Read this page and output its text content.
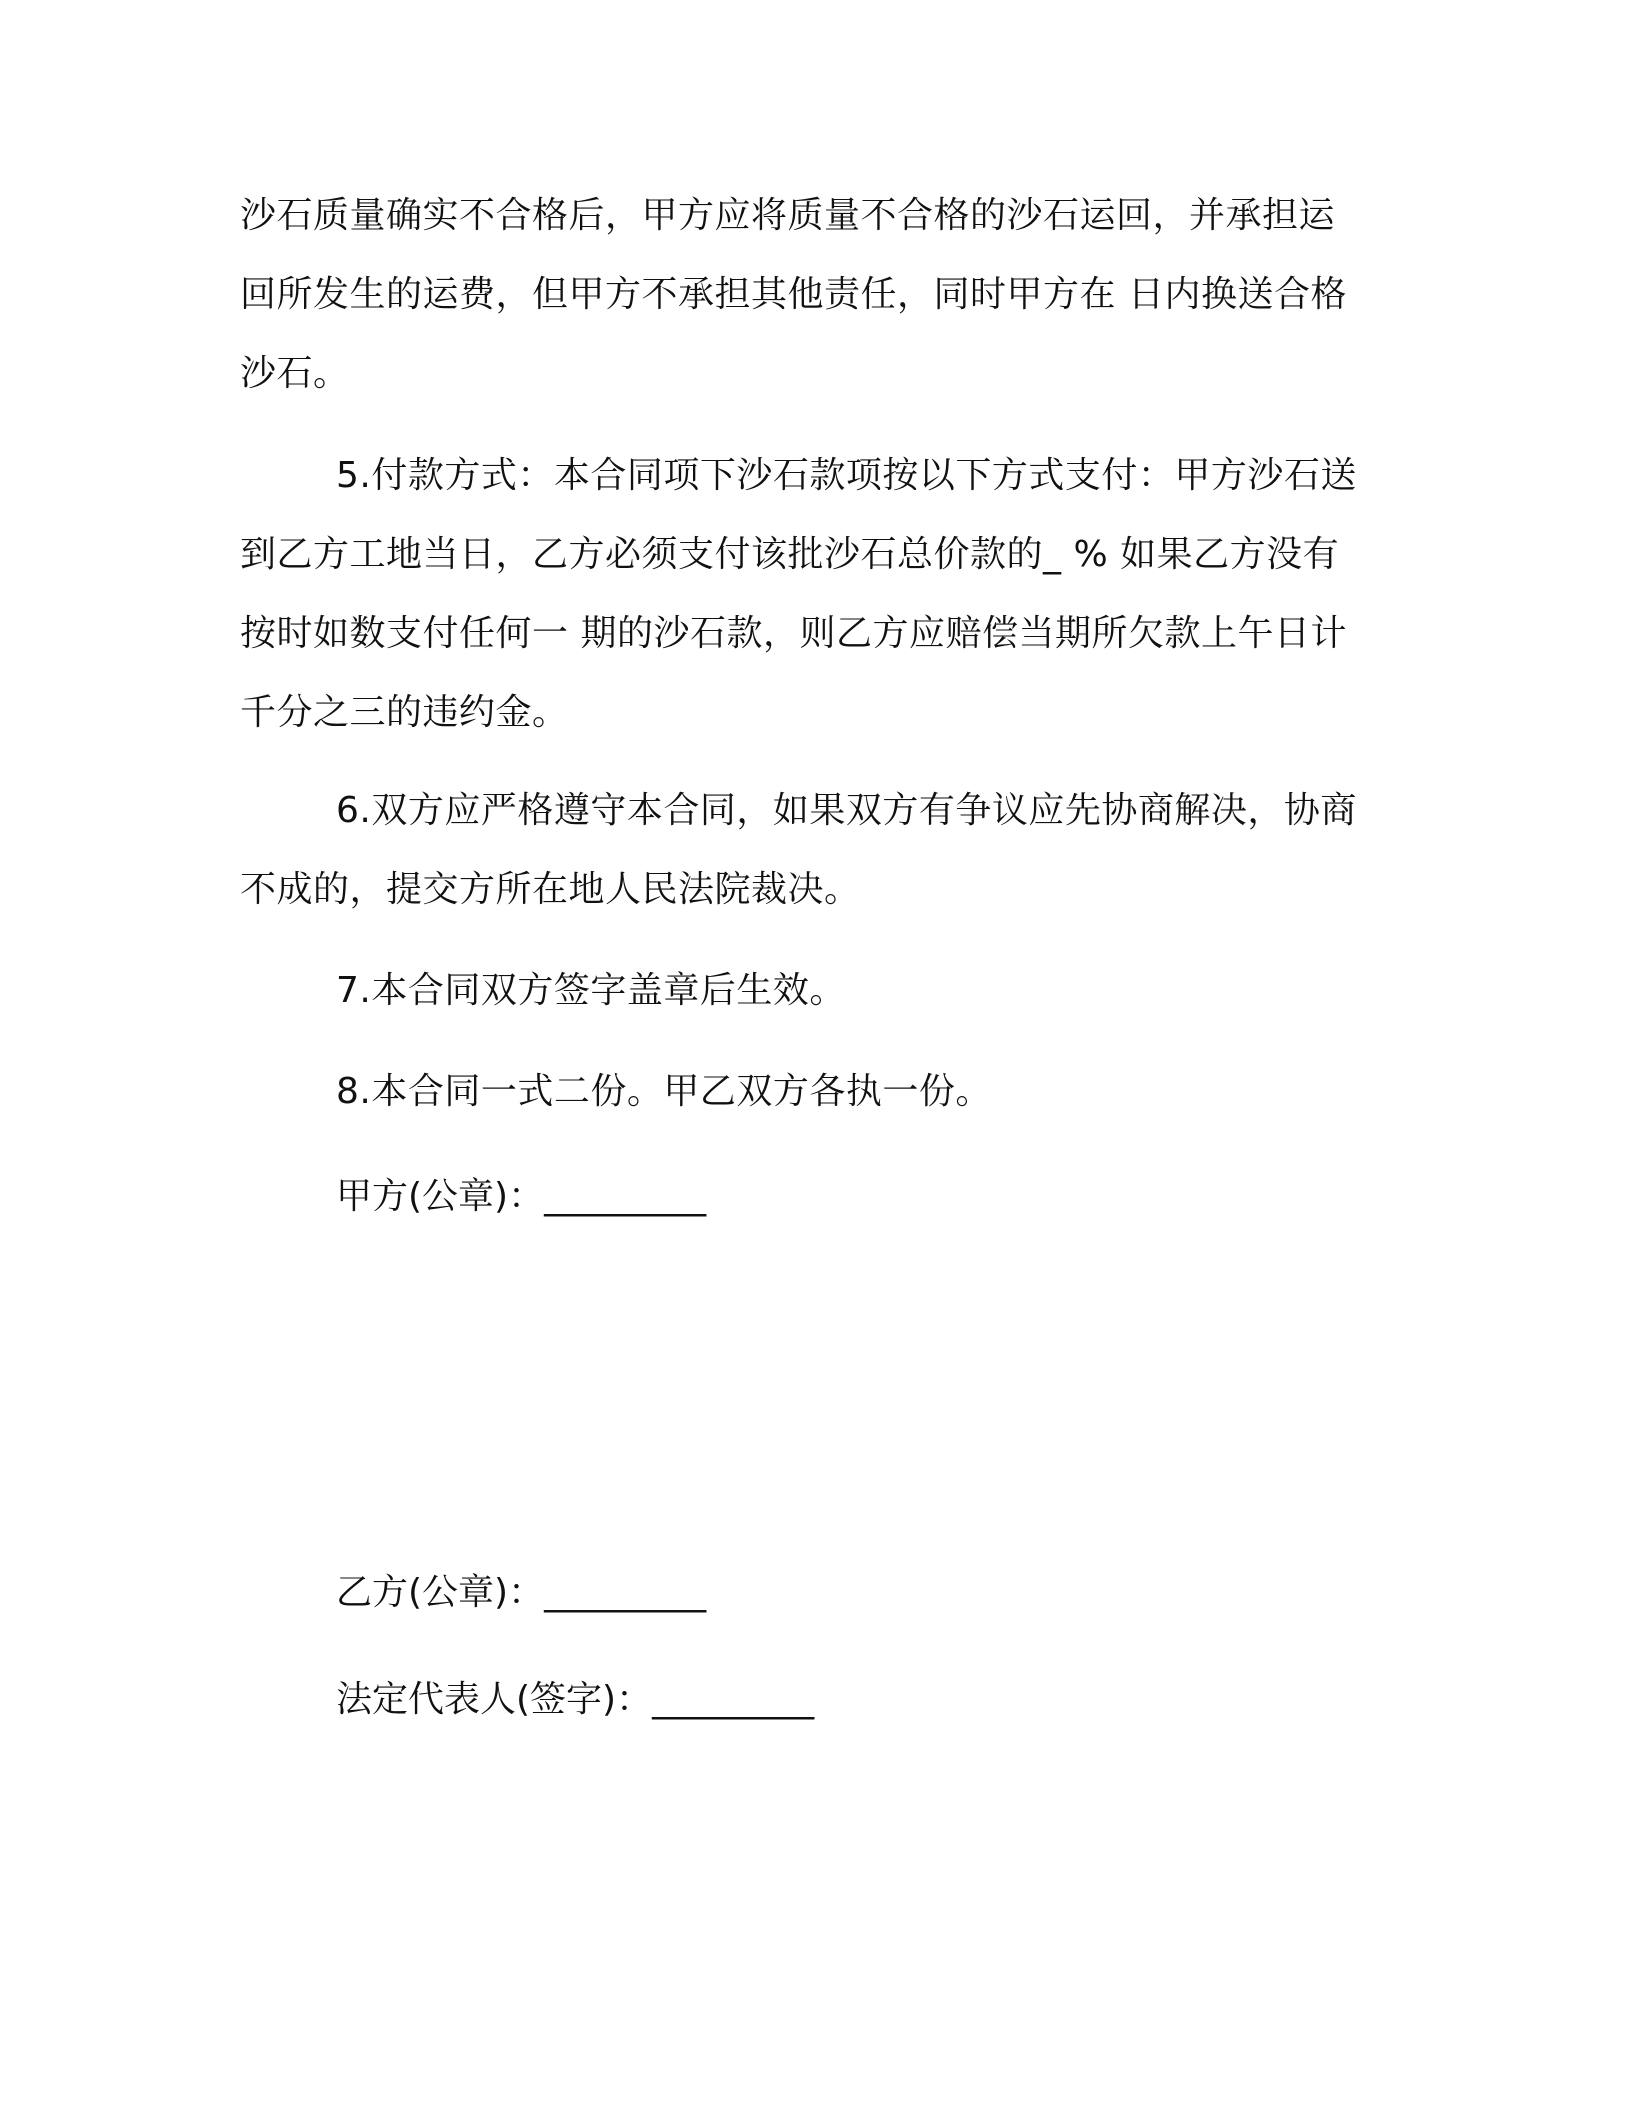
沙石质量确实不合格后，甲方应将质量不合格的沙石运回，并承担运

回所发生的运费，但甲方不承担其他责任，同时甲方在 日内换送合格

沙石。

5.付款方式：本合同项下沙石款项按以下方式支付：甲方沙石送

到乙方工地当日，乙方必须支付该批沙石总价款的_ % 如果乙方没有

按时如数支付任何一 期的沙石款，则乙方应赔偿当期所欠款上午日计

千分之三的违约金。

6.双方应严格遵守本合同，如果双方有争议应先协商解决，协商

不成的，提交方所在地人民法院裁决。

7.本合同双方签字盖章后生效。

8.本合同一式二份。甲乙双方各执一份。

甲方(公章)：_________

乙方(公章)：_________

法定代表人(签字)：_________
